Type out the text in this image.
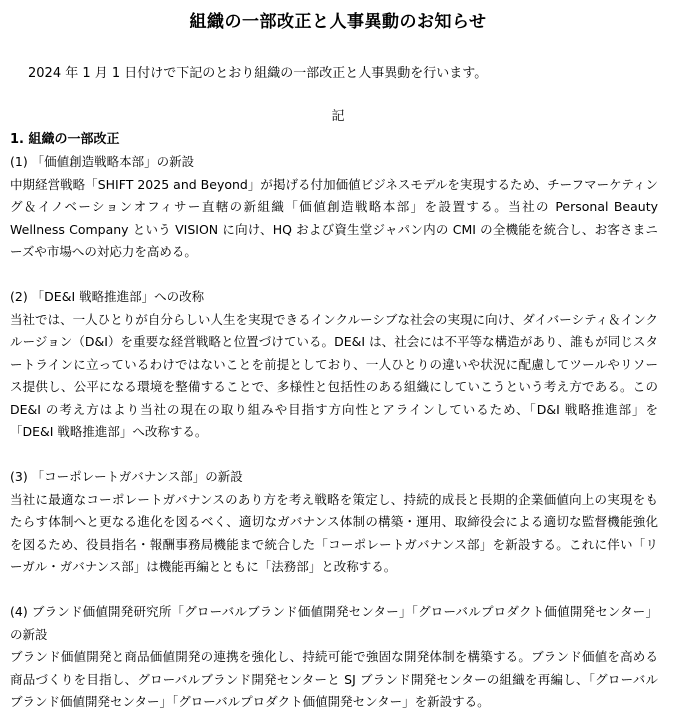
組織の一部改正と人事異動のお知らせ
2024 年 1 月 1 日付けで下記のとおり組織の一部改正と人事異動を行います。
記
1. 組織の一部改正

(1) 「価値創造戦略本部」の新設

中期経営戦略「SHIFT 2025 and Beyond」が掲げる付加価値ビジネスモデルを実現するため、チーフマーケティング＆イノベーションオフィサー直轄の新組織「価値創造戦略本部」を設置する。当社の Personal Beauty Wellness Company という VISION に向け、HQ および資生堂ジャパン内の CMI の全機能を統合し、お客さまニーズや市場への対応力を高める。

(2) 「DE&I 戦略推進部」への改称

当社では、一人ひとりが自分らしい人生を実現できるインクルーシブな社会の実現に向け、ダイバーシティ＆インクルージョン（D&I）を重要な経営戦略と位置づけている。DE&I は、社会には不平等な構造があり、誰もが同じスタートラインに立っているわけではないことを前提としており、一人ひとりの違いや状況に配慮してツールやリソース提供し、公平になる環境を整備することで、多様性と包括性のある組織にしていこうという考え方である。この DE&I の考え方はより当社の現在の取り組みや目指す方向性とアラインしているため、「D&I 戦略推進部」を「DE&I 戦略推進部」へ改称する。

(3) 「コーポレートガバナンス部」の新設

当社に最適なコーポレートガバナンスのあり方を考え戦略を策定し、持続的成長と長期的企業価値向上の実現をもたらす体制へと更なる進化を図るべく、適切なガバナンス体制の構築・運用、取締役会による適切な監督機能強化を図るため、役員指名・報酬事務局機能まで統合した「コーポレートガバナンス部」を新設する。これに伴い「リーガル・ガバナンス部」は機能再編とともに「法務部」と改称する。

(4) ブランド価値開発研究所「グローバルブランド価値開発センター」「グローバルプロダクト価値開発センター」の新設

ブランド価値開発と商品価値開発の連携を強化し、持続可能で強固な開発体制を構築する。ブランド価値を高める商品づくりを目指し、グローバルブランド開発センターと SJ ブランド開発センターの組織を再編し、「グローバルブランド価値開発センター」「グローバルプロダクト価値開発センター」を新設する。
